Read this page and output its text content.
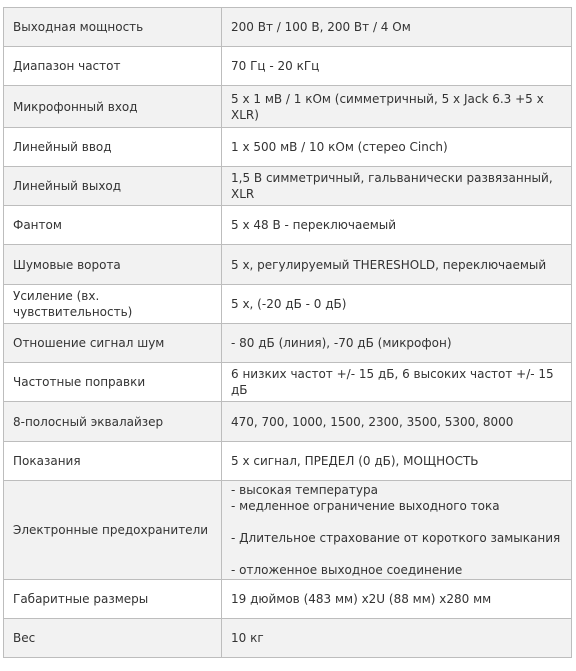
Выходная мощность	200 Вт / 100 В, 200 Вт / 4 Ом

Диапазон частот	70 Гц - 20 кГц

Микрофонный вход	5 x 1 мВ / 1 кОм (симметричный, 5 x Jack 6.3 +5 x XLR)

Линейный ввод	1 x 500 мВ / 10 кОм (стерео Cinch)

Линейный выход	1,5 В симметричный, гальванически развязанный, XLR

Фантом	5 x 48 В - переключаемый

Шумовые ворота	5 x, регулируемый THERESHOLD, переключаемый

Усиление (вх. чувствительность)	5 x, (-20 дБ - 0 дБ)

Отношение сигнал шум	- 80 дБ (линия), -70 дБ (микрофон)

Частотные поправки	6 низких частот +/- 15 дБ, 6 высоких частот +/- 15 дБ

8-полосный эквалайзер	470, 700, 1000, 1500, 2300, 3500, 5300, 8000

Показания	5 x сигнал, ПРЕДЕЛ (0 дБ), МОЩНОСТЬ

Электронные предохранители	- высокая температура
- медленное ограничение выходного тока
- Длительное страхование от короткого замыкания
- отложенное выходное соединение

Габаритные размеры	19 дюймов (483 мм) x2U (88 мм) x280 мм

Вес	10 кг
